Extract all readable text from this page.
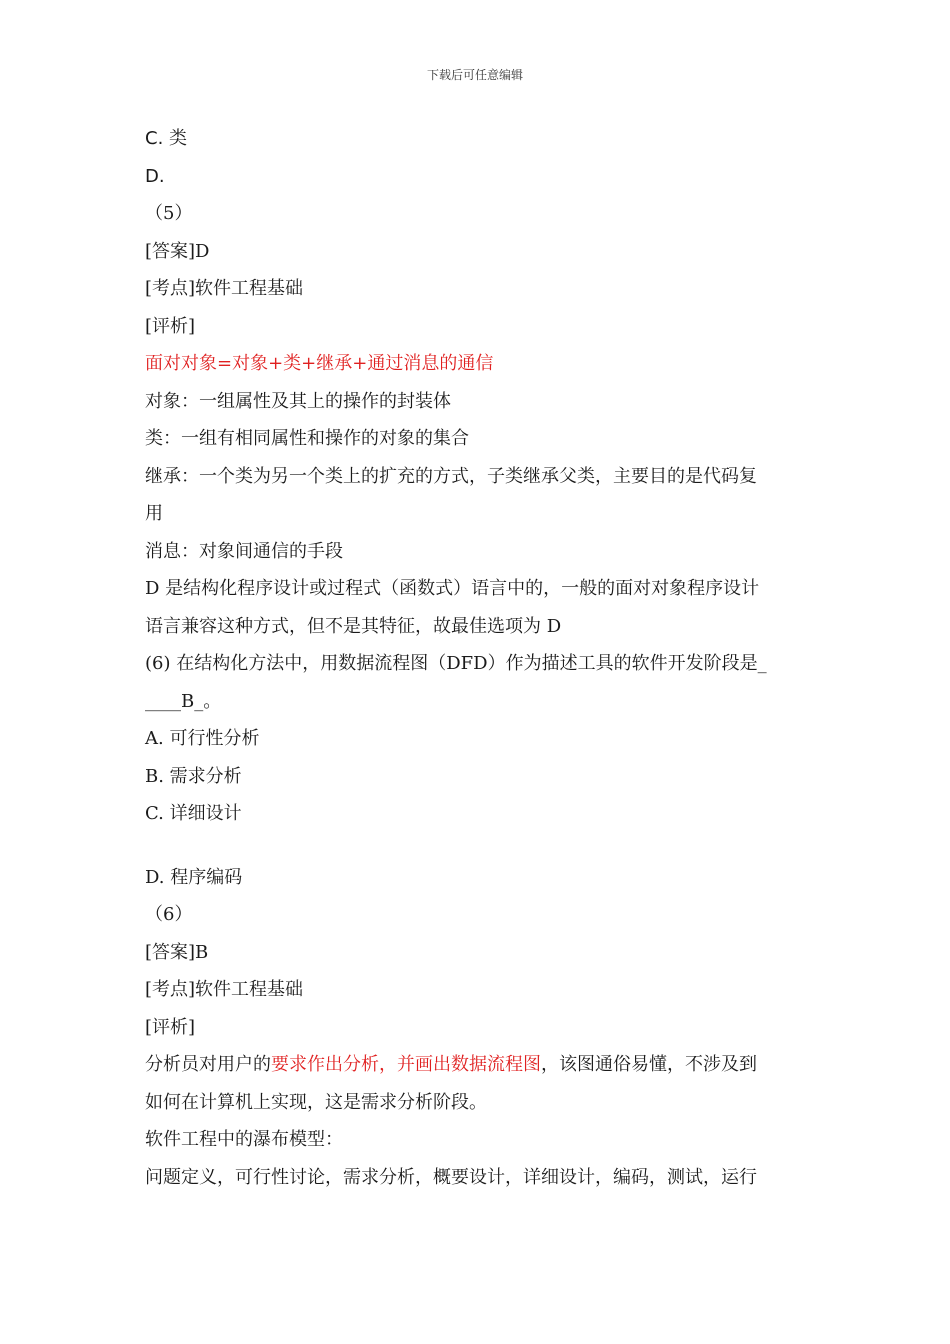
下载后可任意编辑
C. 类
D.
（5）
[答案]D
[考点]软件工程基础
[评析]
面对对象=对象+类+继承+通过消息的通信
对象：一组属性及其上的操作的封装体
类：一组有相同属性和操作的对象的集合
继承：一个类为另一个类上的扩充的方式，子类继承父类，主要目的是代码复
用
消息：对象间通信的手段
D 是结构化程序设计或过程式（函数式）语言中的，一般的面对对象程序设计
语言兼容这种方式，但不是其特征，故最佳选项为 D
(6) 在结构化方法中，用数据流程图（DFD）作为描述工具的软件开发阶段是_
____B_。
A. 可行性分析
B. 需求分析
C. 详细设计
D. 程序编码
（6）
[答案]B
[考点]软件工程基础
[评析]
分析员对用户的要求作出分析，并画出数据流程图，该图通俗易懂，不涉及到
如何在计算机上实现，这是需求分析阶段。
软件工程中的瀑布模型：
问题定义，可行性讨论，需求分析，概要设计，详细设计，编码，测试，运行
